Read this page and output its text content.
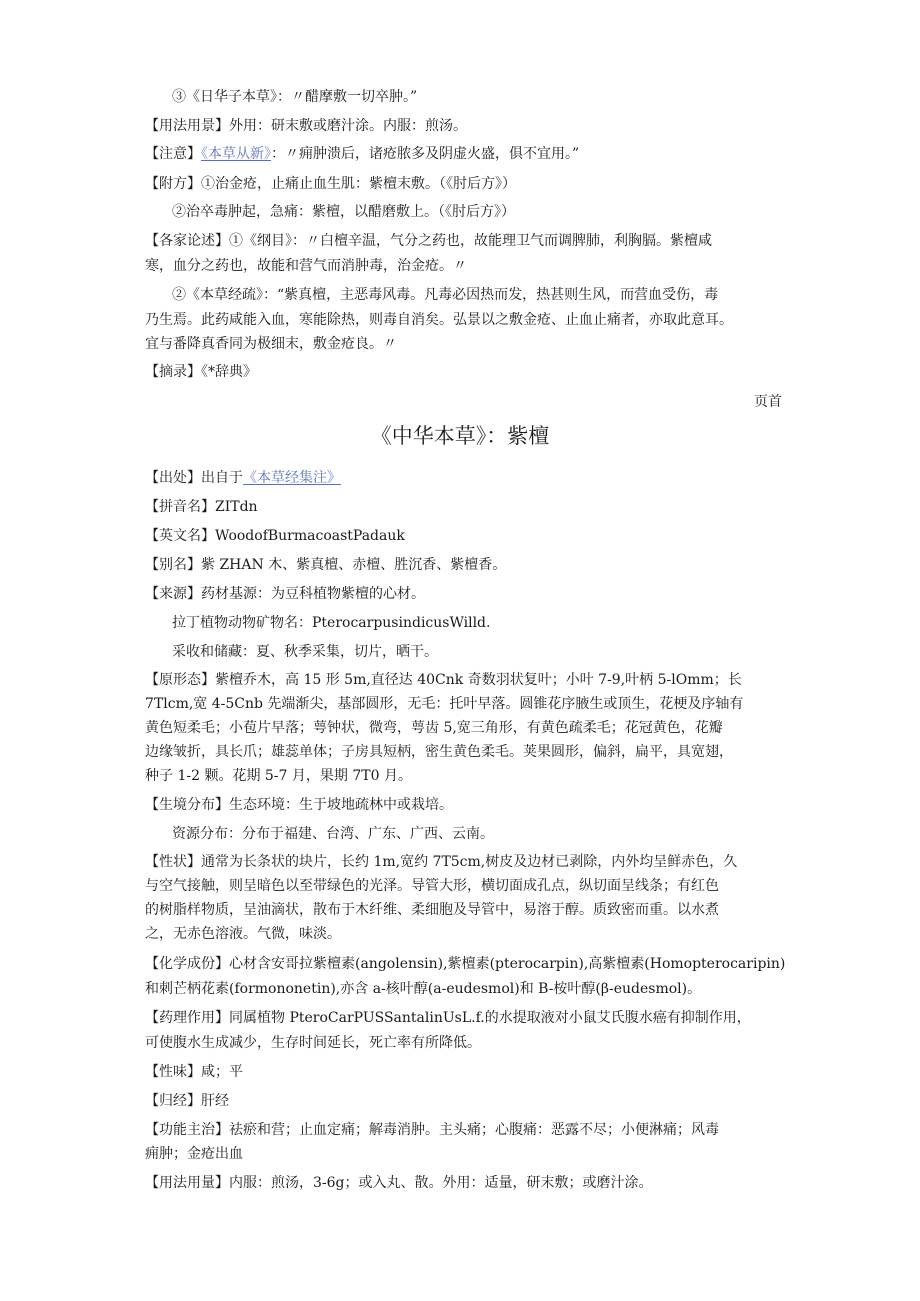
③《日华子本草》：〃醋摩敷一切卒肿。”
【用法用景】外用：研末敷或磨汁涂。内服：煎汤。
【注意】《本草从新》：〃痈肿溃后，诸疮脓多及阴虚火盛，俱不宜用。”
【附方】①治金疮，止痛止血生肌：紫檀末敷。（《肘后方》）
②治卒毒肿起，急痛：紫檀，以醋磨敷上。（《肘后方》）
【各家论述】①《纲目》：〃白檀辛温，气分之药也，故能理卫气而调脾肺，利胸膈。紫檀咸
寒，血分之药也，故能和营气而消肿毒，治金疮。〃
②《本草经疏》：“紫真檀，主恶毒风毒。凡毒必因热而发，热甚则生风，而营血受伤，毒
乃生焉。此药咸能入血，寒能除热，则毒自消矣。弘景以之敷金疮、止血止痛者，亦取此意耳。
宜与番降真香同为极细末，敷金疮良。〃
【摘录】《*辞典》
页首
《中华本草》：紫檀
【出处】出自于《本草经集注》
【拼音名】ZITdn
【英文名】WoodofBurmacoastPadauk
【别名】紫 ZHAN 木、紫真檀、赤檀、胜沉香、紫檀香。
【来源】药材基源：为豆科植物紫檀的心材。
拉丁植物动物矿物名：PterocarpusindicusWilld.
采收和储藏：夏、秋季采集，切片，晒干。
【原形态】紫檀乔木，高 15 形 5m,直径达 40Cnk 奇数羽状复叶；小叶 7-9,叶柄 5-lOmm；长
7Tlcm,宽 4-5Cnb 先端渐尖，基部圆形，无毛：托叶早落。圆锥花序腋生或顶生，花梗及序轴有
黄色短柔毛；小苞片早落；萼钟状，微弯，萼齿 5,宽三角形，有黄色疏柔毛；花冠黄色，花瓣
边缘皱折，具长爪；雄蕊单体；子房具短柄，密生黄色柔毛。荚果圆形，偏斜，扁平，具宽翅，
种子 1-2 颗。花期 5-7 月，果期 7T0 月。
【生境分布】生态环境：生于坡地疏林中或栽培。
资源分布：分布于福建、台湾、广东、广西、云南。
【性状】通常为长条状的块片，长约 1m,宽约 7T5cm,树皮及边材已剥除，内外均呈鲜赤色，久
与空气接触，则呈暗色以至带绿色的光泽。导管大形，横切面成孔点，纵切面呈线条；有红色
的树脂样物质，呈油滴状，散布于木纤维、柔细胞及导管中，易溶于醇。质致密而重。以水煮
之，无赤色溶液。气微，味淡。
【化学成份】心材含安哥拉紫檀素(angolensin),紫檀素(pterocarpin),高紫檀素(Homopterocaripin)
和刺芒柄花素(formononetin),亦含 a-核叶醇(a-eudesmol)和 B-桉叶醇(β-eudesmol)。
【药理作用】同属植物 PteroCarPUSSantalinUsL.f.的水提取液对小鼠艾氏腹水癌有抑制作用，
可使腹水生成减少，生存时间延长，死亡率有所降低。
【性味】咸；平
【归经】肝经
【功能主治】祛瘀和营；止血定痛；解毒消肿。主头痛；心腹痛：恶露不尽；小便淋痛；风毒
痈肿；金疮出血
【用法用量】内服：煎汤，3-6g；或入丸、散。外用：适量，研末敷；或磨汁涂。
